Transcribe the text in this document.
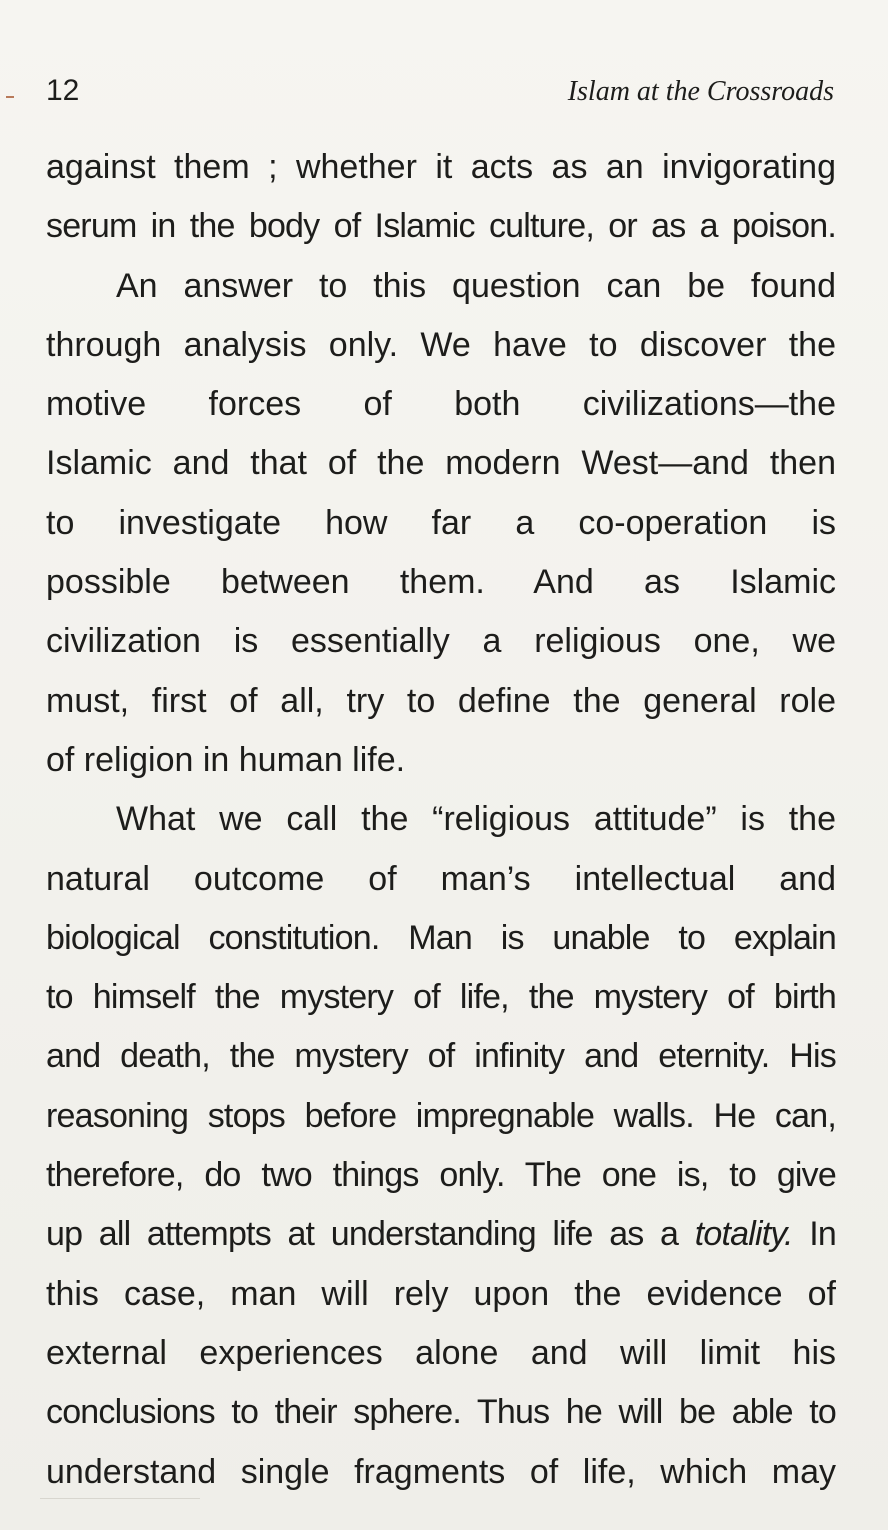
12	Islam at the Crossroads
against them ; whether it acts as an invigorating
serum in the body of Islamic culture, or as a poison.
An answer to this question can be found
through analysis only. We have to discover the
motive forces of both civilizations—the
Islamic and that of the modern West—and then
to investigate how far a co-operation is
possible between them. And as Islamic
civilization is essentially a religious one, we
must, first of all, try to define the general role
of religion in human life.
What we call the “religious attitude” is the
natural outcome of man’s intellectual and
biological constitution. Man is unable to explain
to himself the mystery of life, the mystery of birth
and death, the mystery of infinity and eternity. His
reasoning stops before impregnable walls. He can,
therefore, do two things only. The one is, to give
up all attempts at understanding life as a totality. In
this case, man will rely upon the evidence of
external experiences alone and will limit his
conclusions to their sphere. Thus he will be able to
understand single fragments of life, which may
